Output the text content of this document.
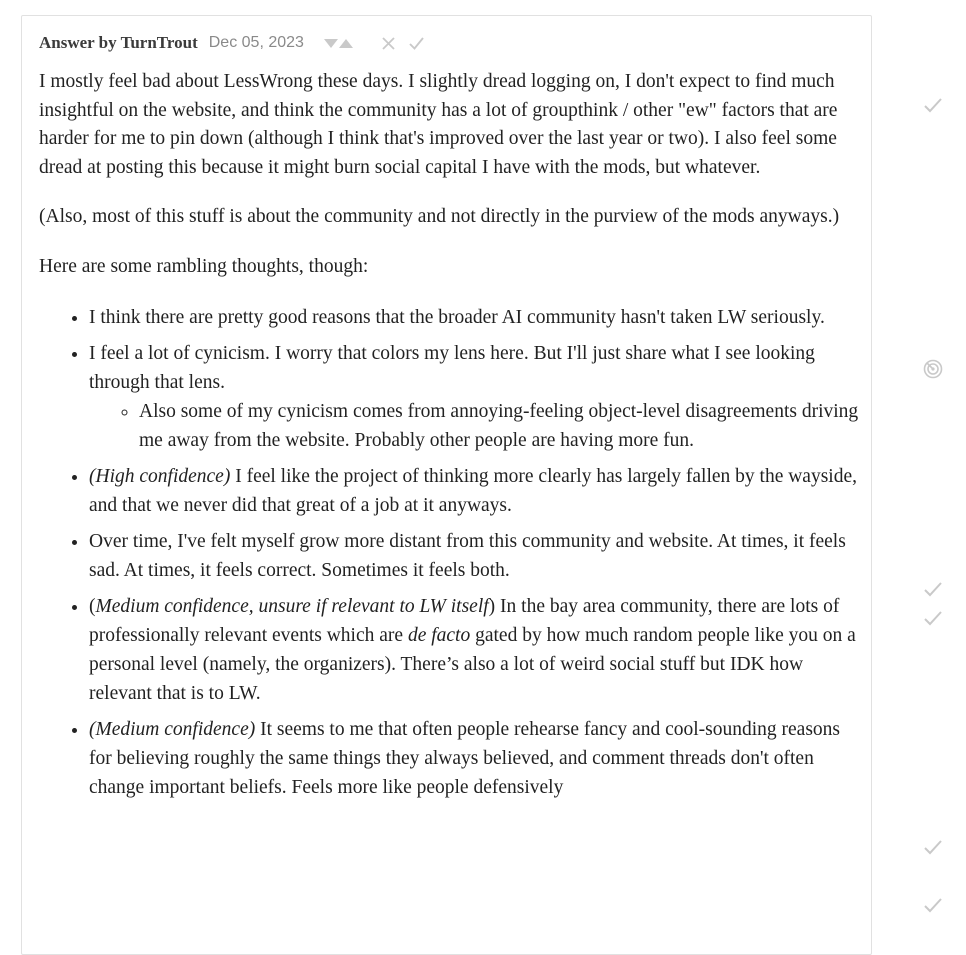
Answer by TurnTrout Dec 05, 2023

I mostly feel bad about LessWrong these days. I slightly dread logging on, I don't expect to find much insightful on the website, and think the community has a lot of groupthink / other "ew" factors that are harder for me to pin down (although I think that's improved over the last year or two). I also feel some dread at posting this because it might burn social capital I have with the mods, but whatever.

(Also, most of this stuff is about the community and not directly in the purview of the mods anyways.)

Here are some rambling thoughts, though:

• I think there are pretty good reasons that the broader AI community hasn't taken LW seriously.
• I feel a lot of cynicism. I worry that colors my lens here. But I'll just share what I see looking through that lens.
◦ Also some of my cynicism comes from annoying-feeling object-level disagreements driving me away from the website. Probably other people are having more fun.
• (High confidence) I feel like the project of thinking more clearly has largely fallen by the wayside, and that we never did that great of a job at it anyways.
• Over time, I've felt myself grow more distant from this community and website. At times, it feels sad. At times, it feels correct. Sometimes it feels both.
• (Medium confidence, unsure if relevant to LW itself) In the bay area community, there are lots of professionally relevant events which are de facto gated by how much random people like you on a personal level (namely, the organizers). There’s also a lot of weird social stuff but IDK how relevant that is to LW.
• (Medium confidence) It seems to me that often people rehearse fancy and cool-sounding reasons for believing roughly the same things they always believed, and comment threads don't often change important beliefs. Feels more like people defensively
